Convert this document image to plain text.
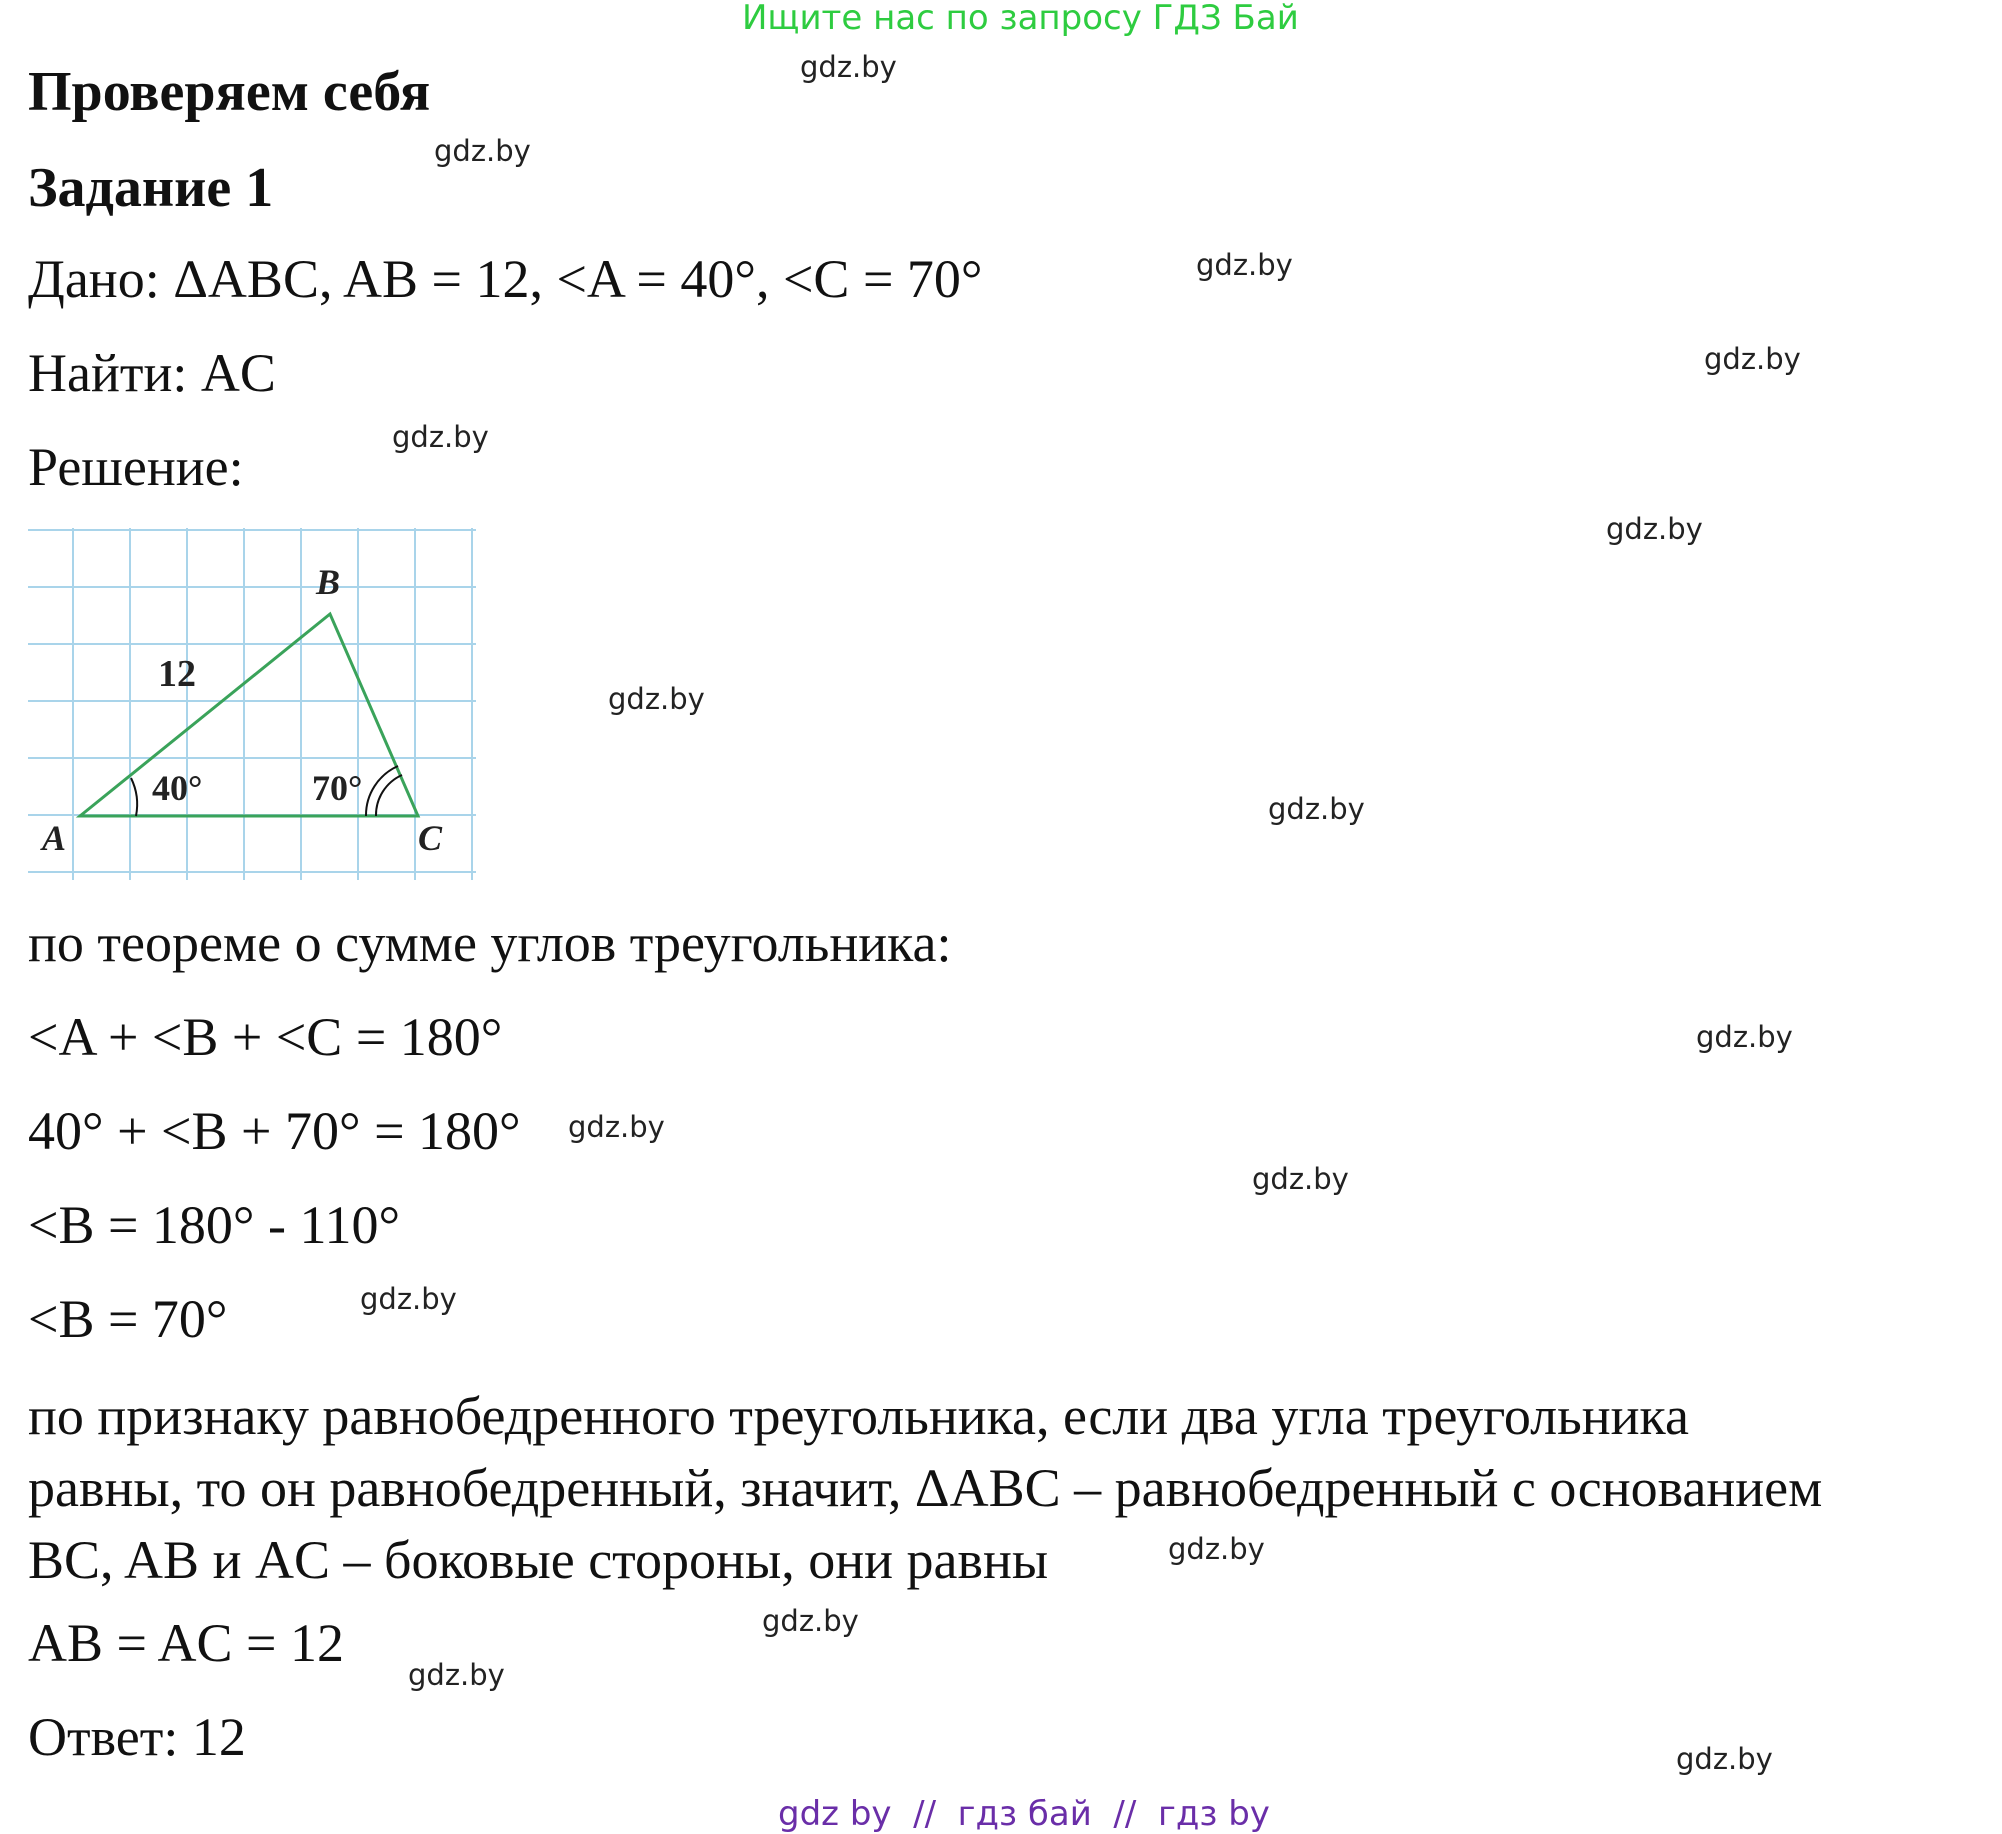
Ищите нас по запросу ГДЗ Бай
Проверяем себя
Задание 1
Дано: ΔABC, AB = 12, <A = 40°, <C = 70°
Найти: AC
Решение:
A
B
C
12
40°	70°
по теореме о сумме углов треугольника:
<A + <B + <C = 180°
40° + <B + 70° = 180°
<B = 180° - 110°
<B = 70°
по признаку равнобедренного треугольника, если два угла треугольника
равны, то он равнобедренный, значит, ΔABC – равнобедренный с основанием
BC, AB и AC – боковые стороны, они равны
AB = AC = 12
Ответ: 12
gdz.by
gdz.by
gdz.by
gdz.by
gdz.by
gdz.by
gdz.by
gdz.by
gdz.by
gdz.by
gdz.by
gdz.by
gdz.by
gdz.by
gdz.by
gdz.by
gdz by  //  гдз бай  //  гдз by
